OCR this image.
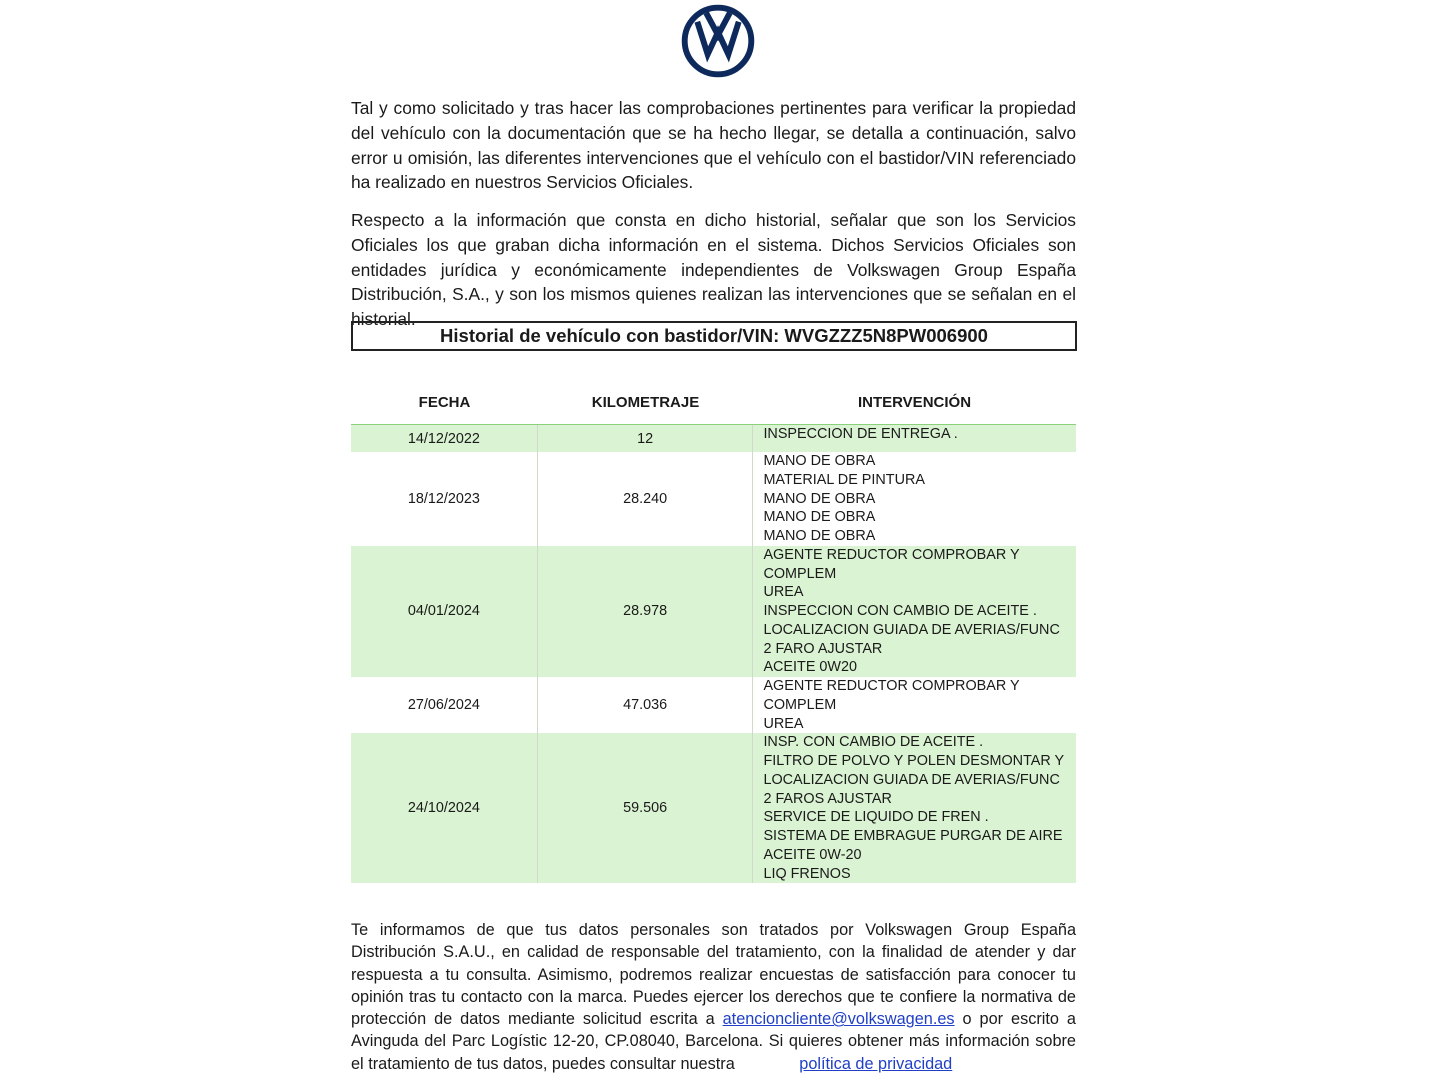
Tal y como solicitado y tras hacer las comprobaciones pertinentes para verificar la propiedad del vehículo con la documentación que se ha hecho llegar, se detalla a continuación, salvo error u omisión, las diferentes intervenciones que el vehículo con el bastidor/VIN referenciado ha realizado en nuestros Servicios Oficiales.

Respecto a la información que consta en dicho historial, señalar que son los Servicios Oficiales los que graban dicha información en el sistema. Dichos Servicios Oficiales son entidades jurídica y económicamente independientes de Volkswagen Group España Distribución, S.A., y son los mismos quienes realizan las intervenciones que se señalan en el historial.

Historial de vehículo con bastidor/VIN: WVGZZZ5N8PW006900
FECHA	KILOMETRAJE	INTERVENCIÓN
14/12/2022	12	INSPECCION DE ENTREGA .
18/12/2023	28.240
MANO DE OBRA
MATERIAL DE PINTURA
MANO DE OBRA
MANO DE OBRA
MANO DE OBRA
04/01/2024	28.978
AGENTE REDUCTOR COMPROBAR Y
COMPLEM
UREA
INSPECCION CON CAMBIO DE ACEITE .
LOCALIZACION GUIADA DE AVERIAS/FUNC
2 FARO AJUSTAR
ACEITE 0W20
27/06/2024	47.036
AGENTE REDUCTOR COMPROBAR Y
COMPLEM
UREA
24/10/2024	59.506
INSP. CON CAMBIO DE ACEITE .
FILTRO DE POLVO Y POLEN DESMONTAR Y
LOCALIZACION GUIADA DE AVERIAS/FUNC
2 FAROS AJUSTAR
SERVICE DE LIQUIDO DE FREN .
SISTEMA DE EMBRAGUE PURGAR DE AIRE
ACEITE 0W-20
LIQ FRENOS

Te informamos de que tus datos personales son tratados por Volkswagen Group España Distribución S.A.U., en calidad de responsable del tratamiento, con la finalidad de atender y dar respuesta a tu consulta. Asimismo, podremos realizar encuestas de satisfacción para conocer tu opinión tras tu contacto con la marca. Puedes ejercer los derechos que te confiere la normativa de protección de datos mediante solicitud escrita a atencioncliente@volkswagen.es o por escrito a Avinguda del Parc Logístic 12-20, CP.08040, Barcelona. Si quieres obtener más información sobre el tratamiento de tus datos, puedes consultar nuestra	política de privacidad
